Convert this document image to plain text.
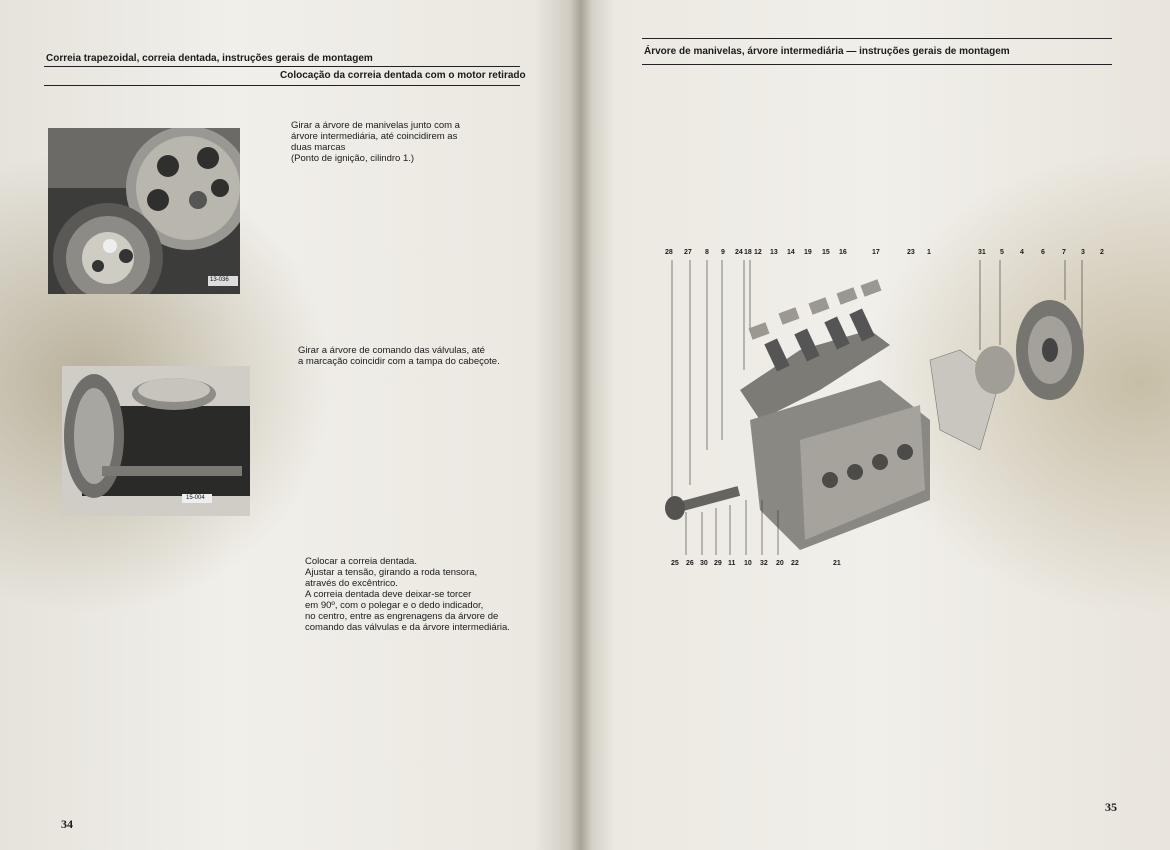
Correia trapezoidal, correia dentada, instruções gerais de montagem
Colocação da correia dentada com o motor retirado
13-036
Girar a árvore de manivelas junto com a
árvore intermediária, até coincidirem as
duas marcas
(Ponto de ignição, cilindro 1.)
15-004
Girar a árvore de comando das válvulas, até
a marcação coincidir com a tampa do cabeçote.
Colocar a correia dentada.
Ajustar a tensão, girando a roda tensora,
através do excêntrico.
A correia dentada deve deixar-se torcer
em 90º, com o polegar e o dedo indicador,
no centro, entre as engrenagens da árvore de
comando das válvulas e da árvore intermediária.
34
Árvore de manivelas, árvore intermediária — instruções gerais de montagem
28 27 8 9 24 18 12 13 14 19 15 16	17	23 1	31 5 4 6 7 3 2
25 26 30 29 11 10 32 20 22	21
35
